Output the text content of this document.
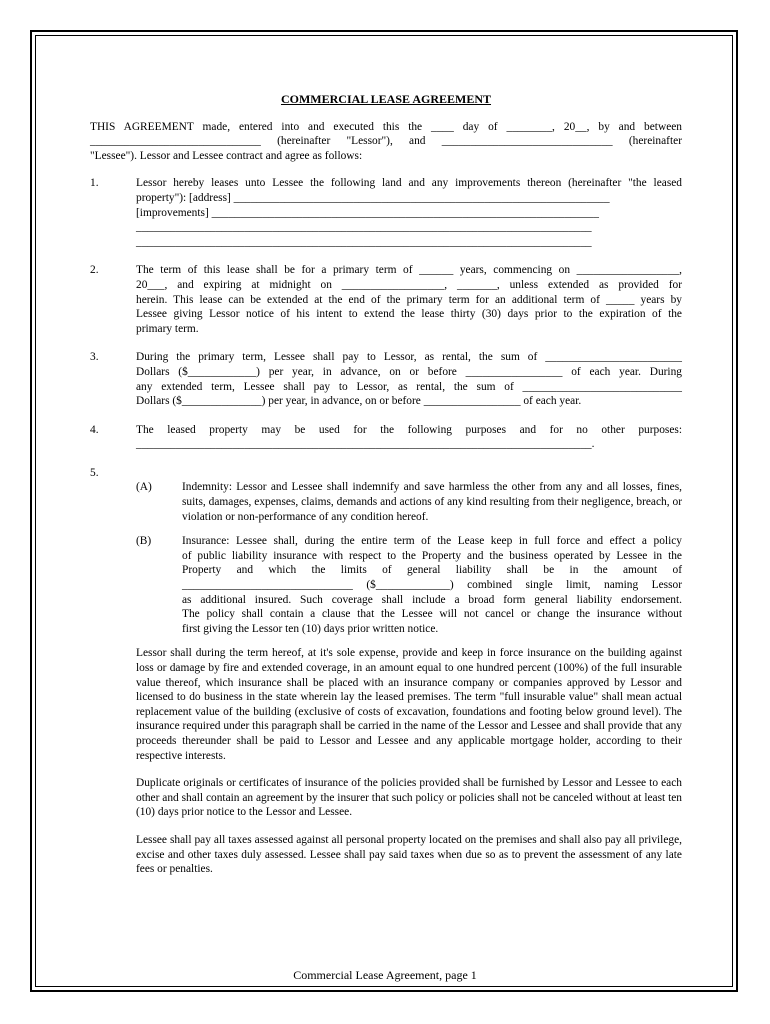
COMMERCIAL LEASE AGREEMENT
THIS AGREEMENT made, entered into and executed this the ____ day of ________, 20__, by and between
______________________________ (hereinafter "Lessor"), and ______________________________ (hereinafter
"Lessee"). Lessor and Lessee contract and agree as follows:
1.	Lessor hereby leases unto Lessee the following land and any improvements thereon (hereinafter "the leased
property"): [address] __________________________________________________________________
[improvements] ____________________________________________________________________
________________________________________________________________________________
________________________________________________________________________________
2.	The term of this lease shall be for a primary term of ______ years, commencing on __________________,
20___, and expiring at midnight on __________________, _______, unless extended as provided for
herein. This lease can be extended at the end of the primary term for an additional term of _____ years by
Lessee giving Lessor notice of his intent to extend the lease thirty (30) days prior to the expiration of the
primary term.
3.	During the primary term, Lessee shall pay to Lessor, as rental, the sum of ________________________
Dollars ($____________) per year, in advance, on or before _________________ of each year. During
any extended term, Lessee shall pay to Lessor, as rental, the sum of ____________________________
Dollars ($______________) per year, in advance, on or before _________________ of each year.
4.	The leased property may be used for the following purposes and for no other purposes:
________________________________________________________________________________.
5.

(A)	Indemnity: Lessor and Lessee shall indemnify and save harmless the other from any and all losses, fines, suits, damages, expenses, claims, demands and actions of any kind resulting from their negligence, breach, or violation or non-performance of any condition hereof.
(B)	Insurance: Lessee shall, during the entire term of the Lease keep in full force and effect a policy
of public liability insurance with respect to the Property and the business operated by Lessee in the
Property and which the limits of general liability shall be in the amount of
______________________________ ($_____________) combined single limit, naming Lessor
as additional insured. Such coverage shall include a broad form general liability endorsement.
The policy shall contain a clause that the Lessee will not cancel or change the insurance without
first giving the Lessor ten (10) days prior written notice.
Lessor shall during the term hereof, at it's sole expense, provide and keep in force insurance on the building against loss or damage by fire and extended coverage, in an amount equal to one hundred percent (100%) of the full insurable value thereof, which insurance shall be placed with an insurance company or companies approved by Lessor and licensed to do business in the state wherein lay the leased premises. The term "full insurable value" shall mean actual replacement value of the building (exclusive of costs of excavation, foundations and footing below ground level). The insurance required under this paragraph shall be carried in the name of the Lessor and Lessee and shall provide that any proceeds thereunder shall be paid to Lessor and Lessee and any applicable mortgage holder, according to their respective interests.
Duplicate originals or certificates of insurance of the policies provided shall be furnished by Lessor and Lessee to each other and shall contain an agreement by the insurer that such policy or policies shall not be canceled without at least ten (10) days prior notice to the Lessor and Lessee.
Lessee shall pay all taxes assessed against all personal property located on the premises and shall also pay all privilege, excise and other taxes duly assessed. Lessee shall pay said taxes when due so as to prevent the assessment of any late fees or penalties.
Commercial Lease Agreement, page 1
